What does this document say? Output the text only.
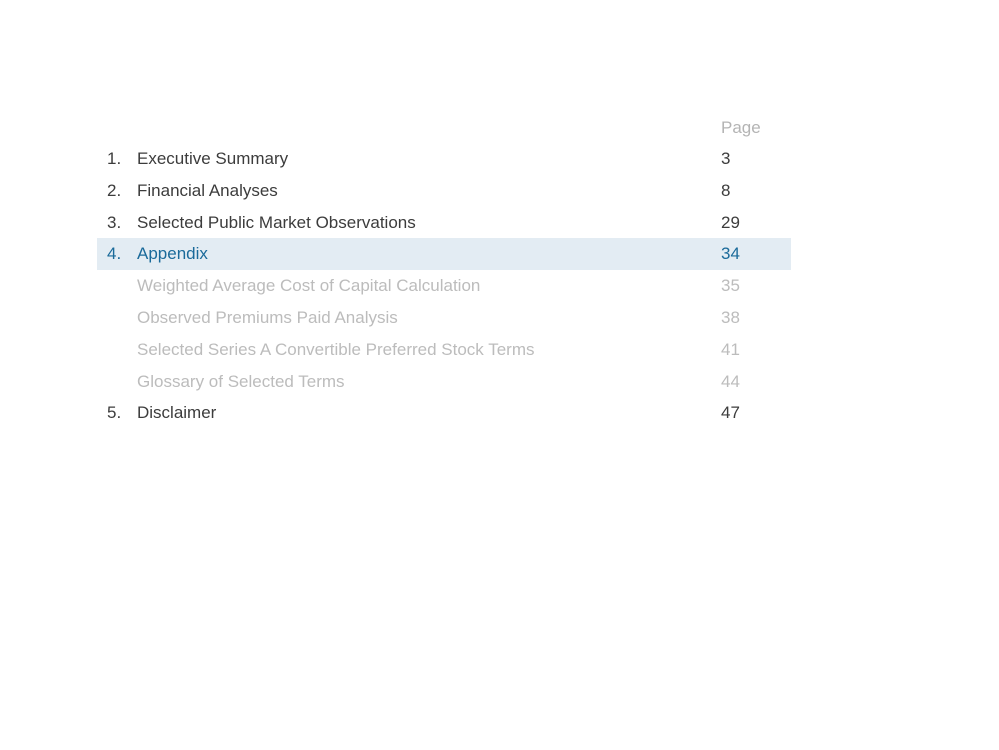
Page
1. Executive Summary	3
2. Financial Analyses	8
3. Selected Public Market Observations	29
4. Appendix	34
Weighted Average Cost of Capital Calculation	35
Observed Premiums Paid Analysis	38
Selected Series A Convertible Preferred Stock Terms	41
Glossary of Selected Terms	44
5. Disclaimer	47
